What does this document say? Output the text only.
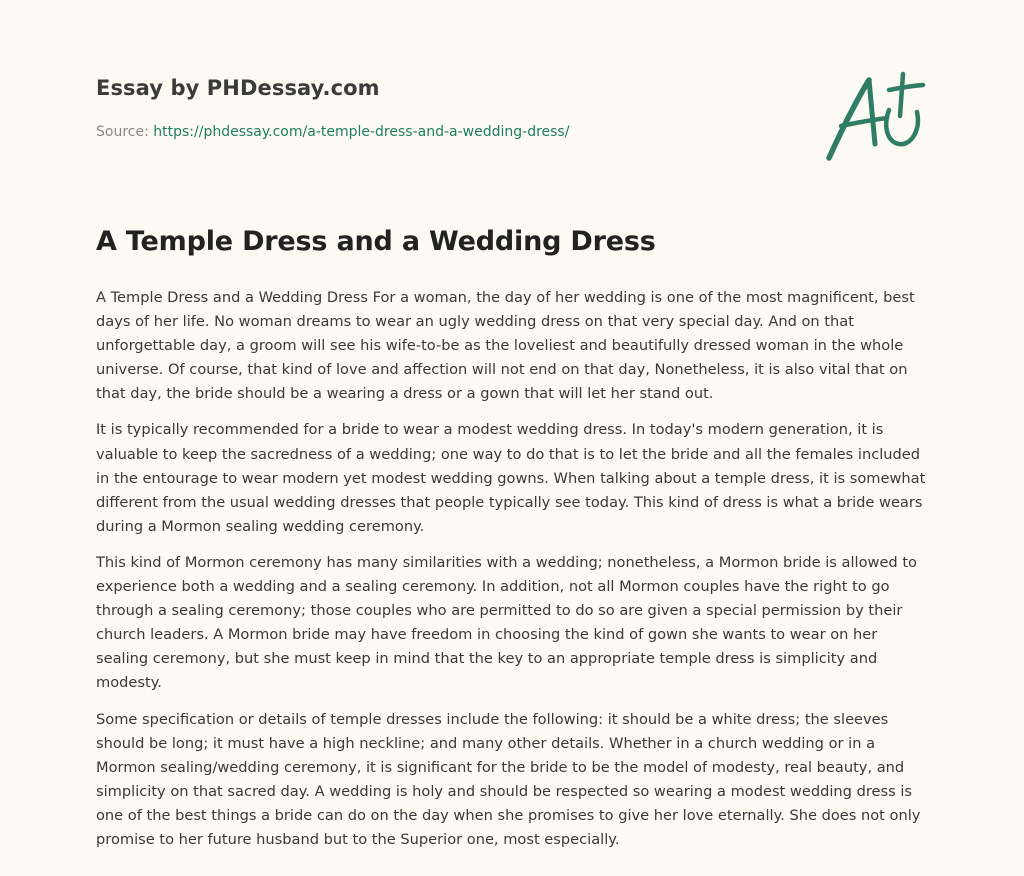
Essay by PHDessay.com
Source: https://phdessay.com/a-temple-dress-and-a-wedding-dress/
A Temple Dress and a Wedding Dress

A Temple Dress and a Wedding Dress For a woman, the day of her wedding is one of the most magnificent, best days of her life. No woman dreams to wear an ugly wedding dress on that very special day. And on that unforgettable day, a groom will see his wife-to-be as the loveliest and beautifully dressed woman in the whole universe. Of course, that kind of love and affection will not end on that day, Nonetheless, it is also vital that on that day, the bride should be a wearing a dress or a gown that will let her stand out.

It is typically recommended for a bride to wear a modest wedding dress. In today's modern generation, it is valuable to keep the sacredness of a wedding; one way to do that is to let the bride and all the females included in the entourage to wear modern yet modest wedding gowns. When talking about a temple dress, it is somewhat different from the usual wedding dresses that people typically see today. This kind of dress is what a bride wears during a Mormon sealing wedding ceremony.

This kind of Mormon ceremony has many similarities with a wedding; nonetheless, a Mormon bride is allowed to experience both a wedding and a sealing ceremony. In addition, not all Mormon couples have the right to go through a sealing ceremony; those couples who are permitted to do so are given a special permission by their church leaders. A Mormon bride may have freedom in choosing the kind of gown she wants to wear on her sealing ceremony, but she must keep in mind that the key to an appropriate temple dress is simplicity and modesty.

Some specification or details of temple dresses include the following: it should be a white dress; the sleeves should be long; it must have a high neckline; and many other details. Whether in a church wedding or in a Mormon sealing/wedding ceremony, it is significant for the bride to be the model of modesty, real beauty, and simplicity on that sacred day. A wedding is holy and should be respected so wearing a modest wedding dress is one of the best things a bride can do on the day when she promises to give her love eternally. She does not only promise to her future husband but to the Superior one, most especially.
